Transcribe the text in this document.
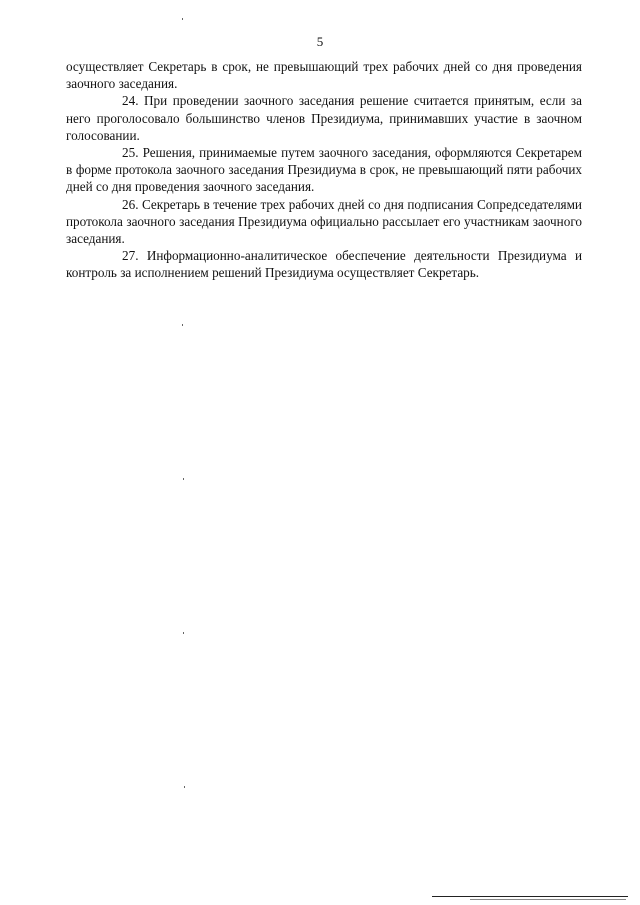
5

осуществляет Секретарь в срок, не превышающий трех рабочих дней со дня проведения заочного заседания.

24. При проведении заочного заседания решение считается принятым, если за него проголосовало большинство членов Президиума, принимавших участие в заочном голосовании.

25. Решения, принимаемые путем заочного заседания, оформляются Секретарем в форме протокола заочного заседания Президиума в срок, не превышающий пяти рабочих дней со дня проведения заочного заседания.

26. Секретарь в течение трех рабочих дней со дня подписания Сопредседателями протокола заочного заседания Президиума официально рассылает его участникам заочного заседания.

27. Информационно-аналитическое обеспечение деятельности Президиума и контроль за исполнением решений Президиума осуществляет Секретарь.
